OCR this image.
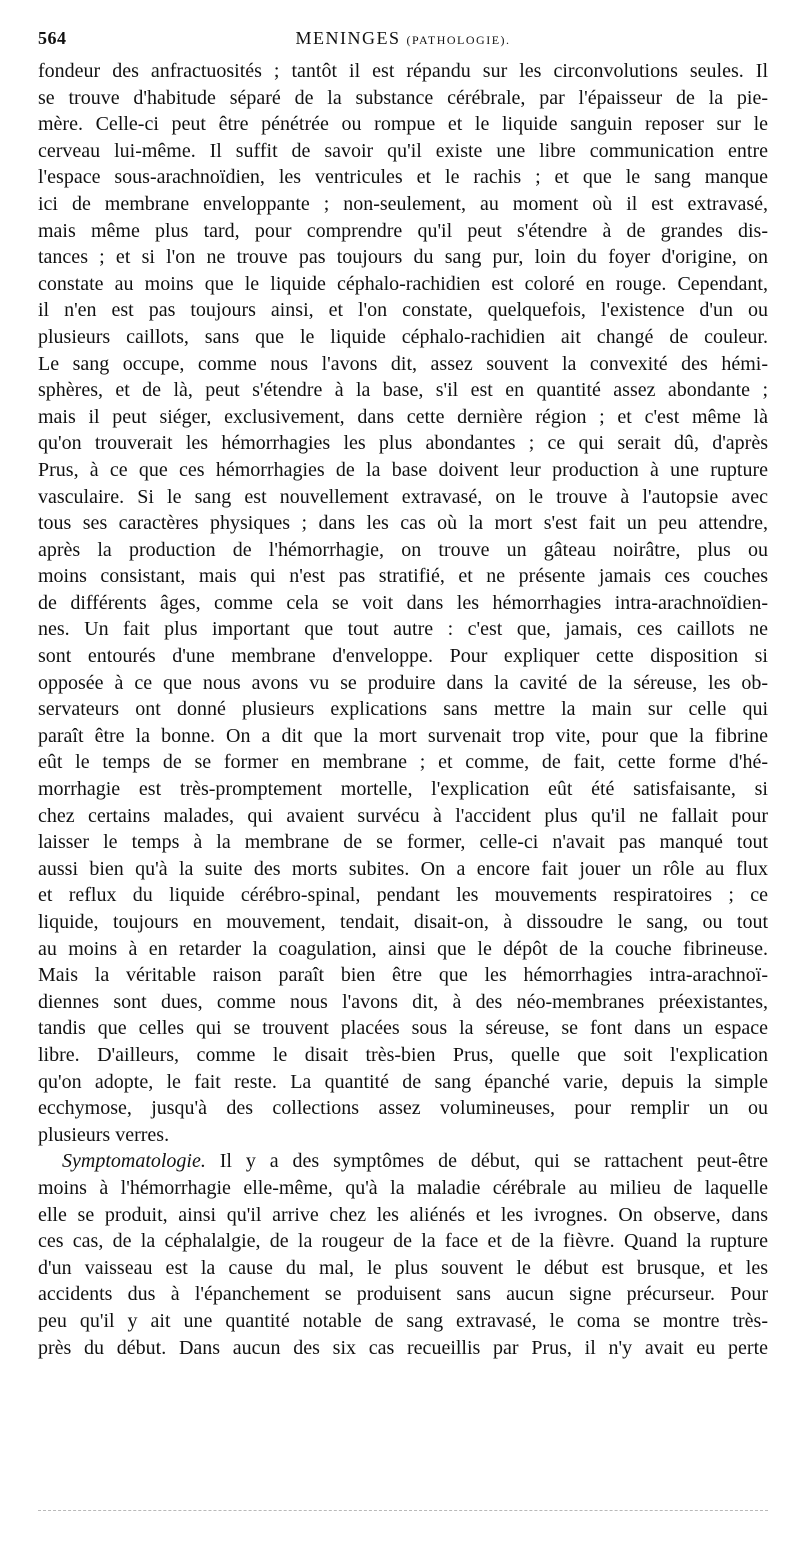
564	MENINGES (PATHOLOGIE).
fondeur des anfractuosités ; tantôt il est répandu sur les circonvolutions seules. Il
se trouve d'habitude séparé de la substance cérébrale, par l'épaisseur de la pie-
mère. Celle-ci peut être pénétrée ou rompue et le liquide sanguin reposer sur le
cerveau lui-même. Il suffit de savoir qu'il existe une libre communication entre
l'espace sous-arachnoïdien, les ventricules et le rachis ; et que le sang manque
ici de membrane enveloppante ; non-seulement, au moment où il est extravasé,
mais même plus tard, pour comprendre qu'il peut s'étendre à de grandes dis-
tances ; et si l'on ne trouve pas toujours du sang pur, loin du foyer d'origine, on
constate au moins que le liquide céphalo-rachidien est coloré en rouge. Cependant,
il n'en est pas toujours ainsi, et l'on constate, quelquefois, l'existence d'un ou
plusieurs caillots, sans que le liquide céphalo-rachidien ait changé de couleur.
Le sang occupe, comme nous l'avons dit, assez souvent la convexité des hémi-
sphères, et de là, peut s'étendre à la base, s'il est en quantité assez abondante ;
mais il peut siéger, exclusivement, dans cette dernière région ; et c'est même là
qu'on trouverait les hémorrhagies les plus abondantes ; ce qui serait dû, d'après
Prus, à ce que ces hémorrhagies de la base doivent leur production à une rupture
vasculaire. Si le sang est nouvellement extravasé, on le trouve à l'autopsie avec
tous ses caractères physiques ; dans les cas où la mort s'est fait un peu attendre,
après la production de l'hémorrhagie, on trouve un gâteau noirâtre, plus ou
moins consistant, mais qui n'est pas stratifié, et ne présente jamais ces couches
de différents âges, comme cela se voit dans les hémorrhagies intra-arachnoïdien-
nes. Un fait plus important que tout autre : c'est que, jamais, ces caillots ne
sont entourés d'une membrane d'enveloppe. Pour expliquer cette disposition si
opposée à ce que nous avons vu se produire dans la cavité de la séreuse, les ob-
servateurs ont donné plusieurs explications sans mettre la main sur celle qui
paraît être la bonne. On a dit que la mort survenait trop vite, pour que la fibrine
eût le temps de se former en membrane ; et comme, de fait, cette forme d'hé-
morrhagie est très-promptement mortelle, l'explication eût été satisfaisante, si
chez certains malades, qui avaient survécu à l'accident plus qu'il ne fallait pour
laisser le temps à la membrane de se former, celle-ci n'avait pas manqué tout
aussi bien qu'à la suite des morts subites. On a encore fait jouer un rôle au flux
et reflux du liquide cérébro-spinal, pendant les mouvements respiratoires ; ce
liquide, toujours en mouvement, tendait, disait-on, à dissoudre le sang, ou tout
au moins à en retarder la coagulation, ainsi que le dépôt de la couche fibrineuse.
Mais la véritable raison paraît bien être que les hémorrhagies intra-arachnoï-
diennes sont dues, comme nous l'avons dit, à des néo-membranes préexistantes,
tandis que celles qui se trouvent placées sous la séreuse, se font dans un espace
libre. D'ailleurs, comme le disait très-bien Prus, quelle que soit l'explication
qu'on adopte, le fait reste. La quantité de sang épanché varie, depuis la simple
ecchymose, jusqu'à des collections assez volumineuses, pour remplir un ou
plusieurs verres.
Symptomatologie. Il y a des symptômes de début, qui se rattachent peut-être
moins à l'hémorrhagie elle-même, qu'à la maladie cérébrale au milieu de laquelle
elle se produit, ainsi qu'il arrive chez les aliénés et les ivrognes. On observe, dans
ces cas, de la céphalalgie, de la rougeur de la face et de la fièvre. Quand la rupture
d'un vaisseau est la cause du mal, le plus souvent le début est brusque, et les
accidents dus à l'épanchement se produisent sans aucun signe précurseur. Pour
peu qu'il y ait une quantité notable de sang extravasé, le coma se montre très-
près du début. Dans aucun des six cas recueillis par Prus, il n'y avait eu perte
